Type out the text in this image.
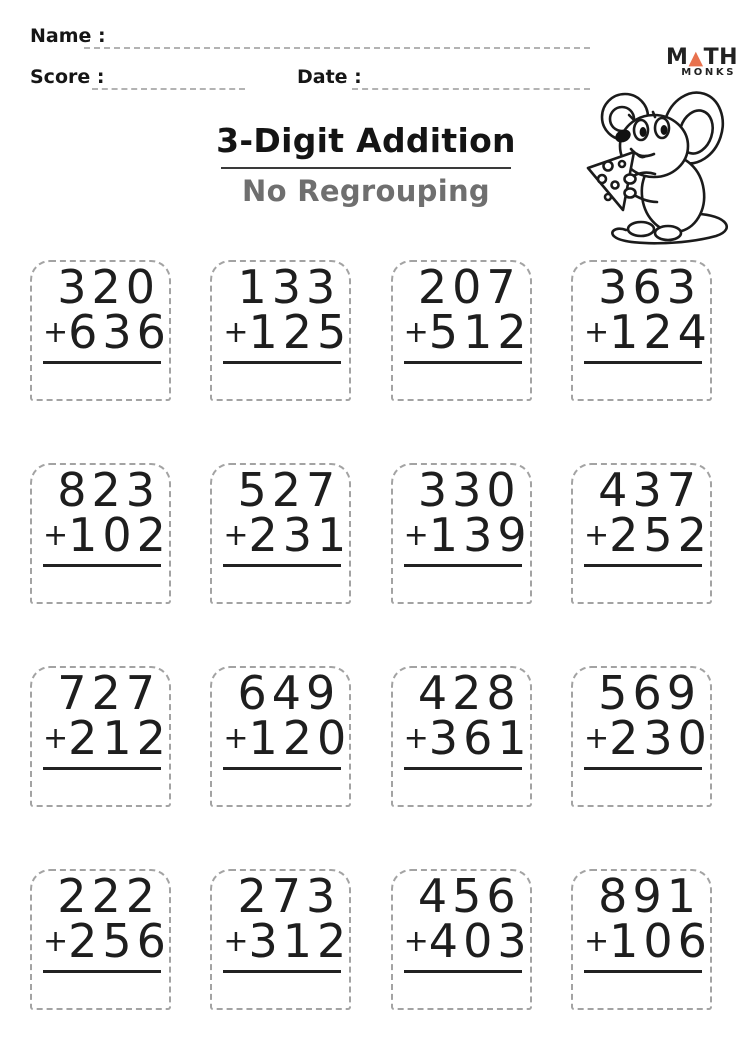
Name :
Score :	Date :
M▲TH
MONKS
3-Digit Addition
No Regrouping
320
+ 636
133
+ 125
207
+ 512
363
+ 124
823
+ 102
527
+ 231
330
+ 139
437
+ 252
727
+ 212
649
+ 120
428
+ 361
569
+ 230
222
+ 256
273
+ 312
456
+ 403
891
+ 106
